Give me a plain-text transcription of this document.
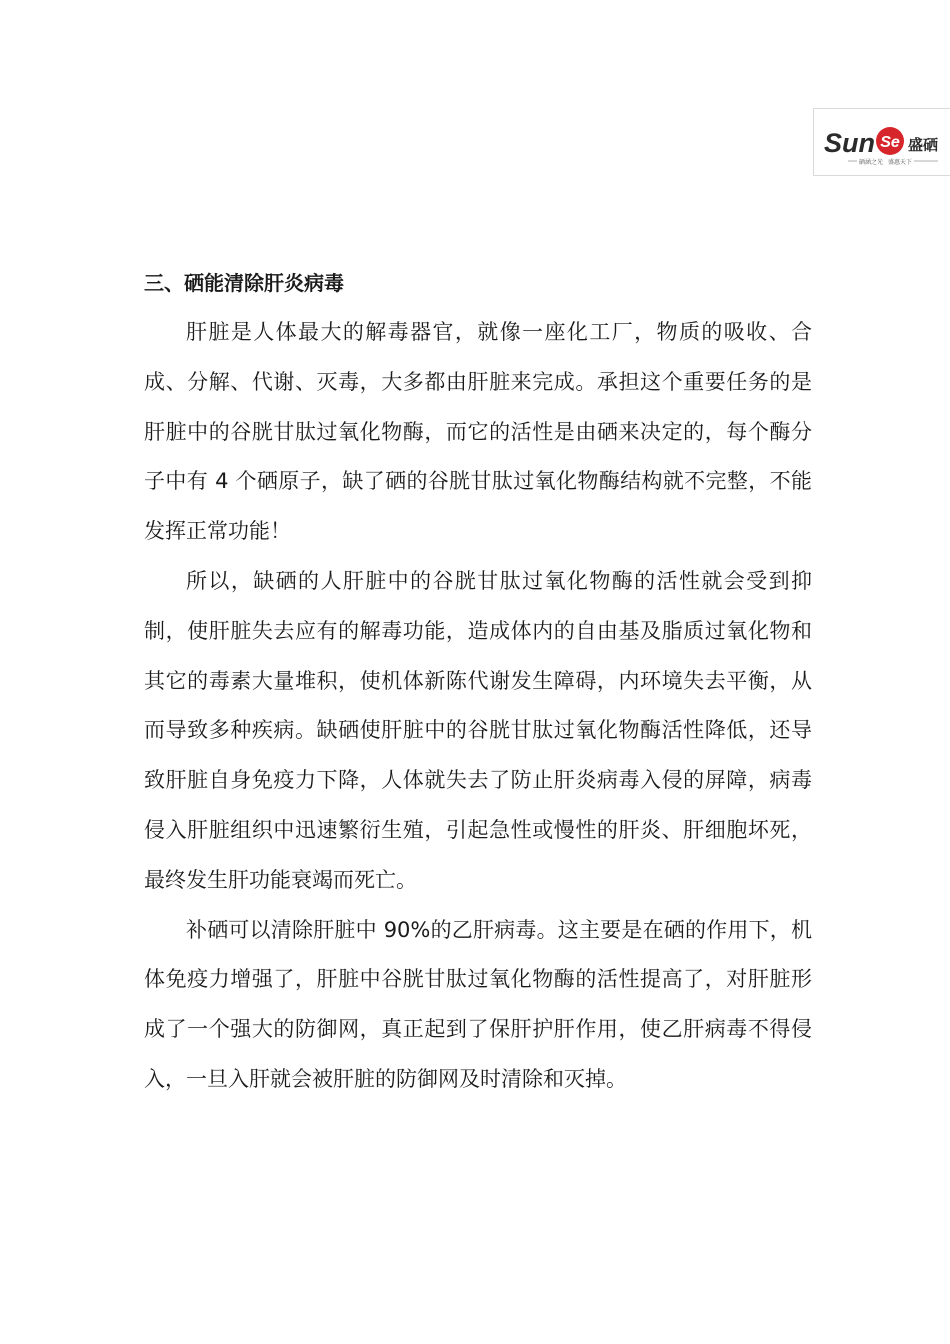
Sun Se 盛硒
硒涵之光 盛惠天下
三、硒能清除肝炎病毒

肝脏是人体最大的解毒器官，就像一座化工厂，物质的吸收、合成、分解、代谢、灭毒，大多都由肝脏来完成。承担这个重要任务的是肝脏中的谷胱甘肽过氧化物酶，而它的活性是由硒来决定的，每个酶分子中有 4 个硒原子，缺了硒的谷胱甘肽过氧化物酶结构就不完整，不能发挥正常功能！

所以，缺硒的人肝脏中的谷胱甘肽过氧化物酶的活性就会受到抑制，使肝脏失去应有的解毒功能，造成体内的自由基及脂质过氧化物和其它的毒素大量堆积，使机体新陈代谢发生障碍，内环境失去平衡，从而导致多种疾病。缺硒使肝脏中的谷胱甘肽过氧化物酶活性降低，还导致肝脏自身免疫力下降，人体就失去了防止肝炎病毒入侵的屏障，病毒侵入肝脏组织中迅速繁衍生殖，引起急性或慢性的肝炎、肝细胞坏死，最终发生肝功能衰竭而死亡。

补硒可以清除肝脏中 90%的乙肝病毒。这主要是在硒的作用下，机体免疫力增强了，肝脏中谷胱甘肽过氧化物酶的活性提高了，对肝脏形成了一个强大的防御网，真正起到了保肝护肝作用，使乙肝病毒不得侵入，一旦入肝就会被肝脏的防御网及时清除和灭掉。
